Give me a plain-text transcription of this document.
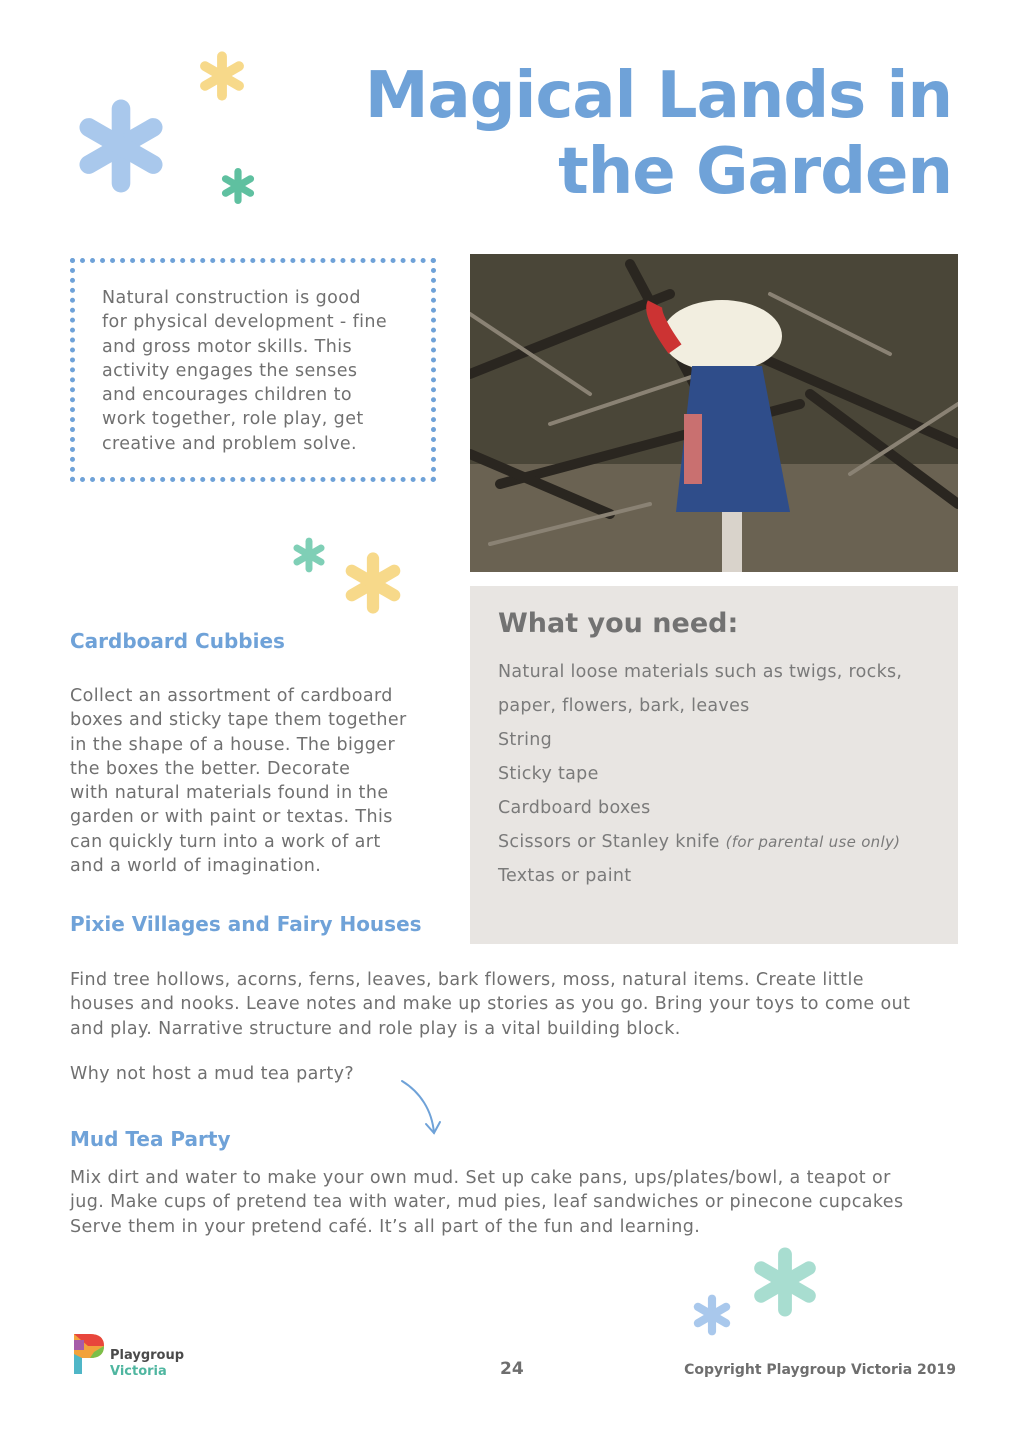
Magical Lands in
the Garden
Natural construction is good
for physical development - fine
and gross motor skills. This
activity engages the senses
and encourages children to
work together, role play, get
creative and problem solve.
What you need:
Natural loose materials such as twigs, rocks,
paper, flowers, bark, leaves
String
Sticky tape
Cardboard boxes
Scissors or Stanley knife (for parental use only)
Textas or paint
Cardboard Cubbies
Collect an assortment of cardboard
boxes and sticky tape them together
in the shape of a house. The bigger
the boxes the better. Decorate
with natural materials found in the
garden or with paint or textas. This
can quickly turn into a work of art
and a world of imagination.
Pixie Villages and Fairy Houses
Find tree hollows, acorns, ferns, leaves, bark flowers, moss, natural items. Create little
houses and nooks. Leave notes and make up stories as you go. Bring your toys to come out
and play. Narrative structure and role play is a vital building block.
Why not host a mud tea party?
Mud Tea Party
Mix dirt and water to make your own mud. Set up cake pans, ups/plates/bowl, a teapot or
jug. Make cups of pretend tea with water, mud pies, leaf sandwiches or pinecone cupcakes
Serve them in your pretend café. It’s all part of the fun and learning.
Playgroup
Victoria	24	Copyright Playgroup Victoria 2019
